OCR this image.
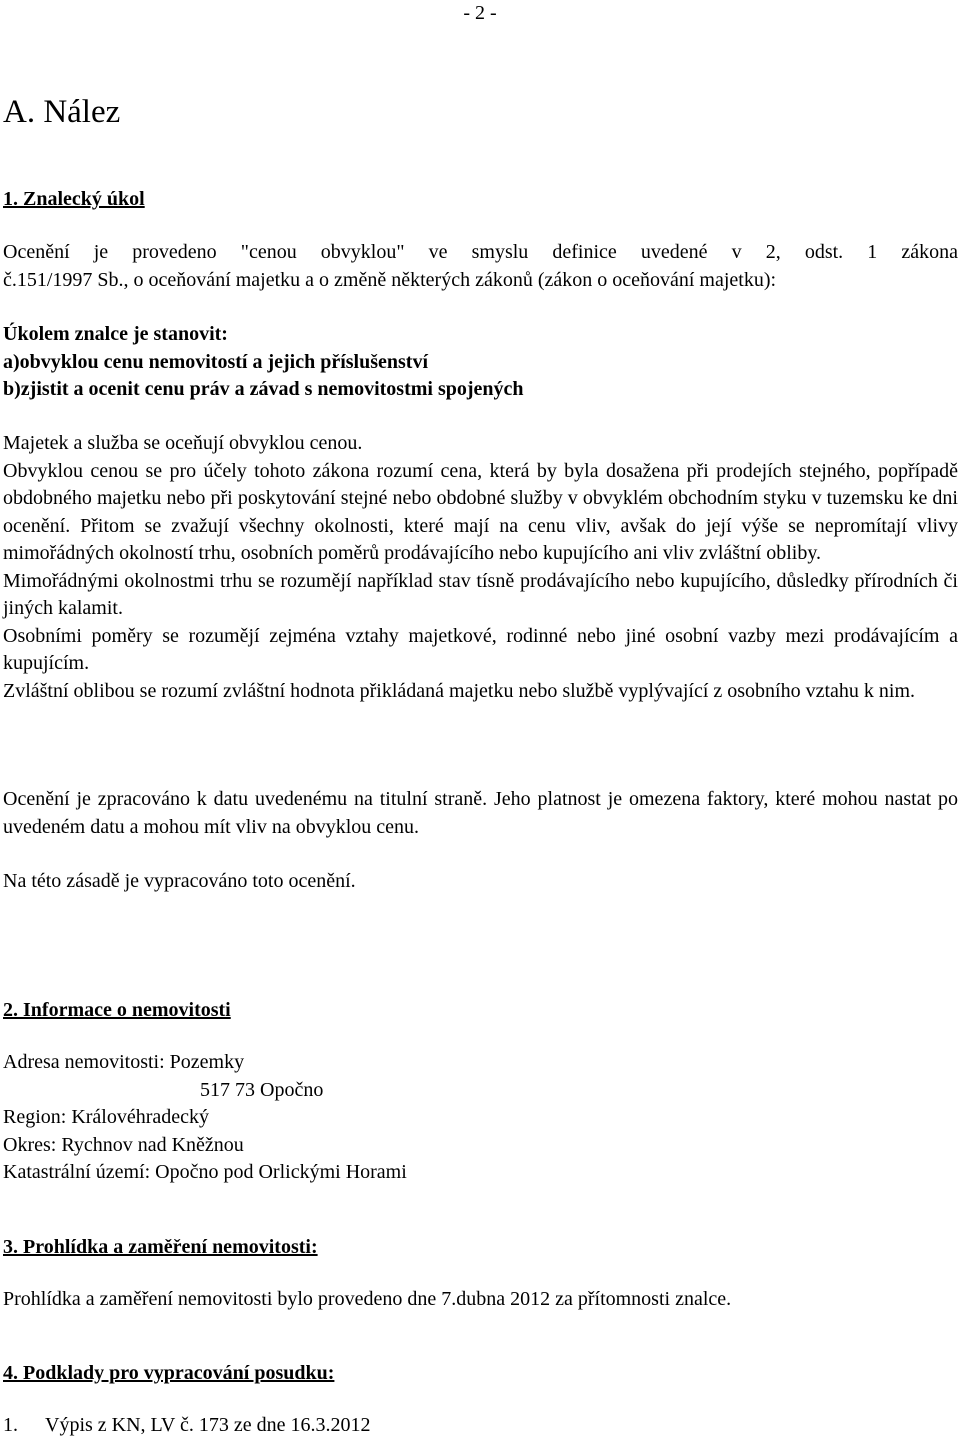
- 2 -
A. Nález
1. Znalecký úkol
Ocenění je provedeno "cenou obvyklou" ve smyslu definice uvedené v 2, odst. 1 zákona
č.151/1997 Sb., o oceňování majetku a o změně některých zákonů (zákon o oceňování majetku):
Úkolem znalce je stanovit:
a)obvyklou cenu nemovitostí a jejich příslušenství
b)zjistit a ocenit cenu práv a závad s nemovitostmi spojených
Majetek a služba se oceňují obvyklou cenou.
Obvyklou cenou se pro účely tohoto zákona rozumí cena, která by byla dosažena při prodejích stejného, popřípadě obdobného majetku nebo při poskytování stejné nebo obdobné služby v obvyklém obchodním styku v tuzemsku ke dni ocenění. Přitom se zvažují všechny okolnosti, které mají na cenu vliv, avšak do její výše se nepromítají vlivy mimořádných okolností trhu, osobních poměrů prodávajícího nebo kupujícího ani vliv zvláštní obliby.
Mimořádnými okolnostmi trhu se rozumějí například stav tísně prodávajícího nebo kupujícího, důsledky přírodních či jiných kalamit.
Osobními poměry se rozumějí zejména vztahy majetkové, rodinné nebo jiné osobní vazby mezi prodávajícím a kupujícím.
Zvláštní oblibou se rozumí zvláštní hodnota přikládaná majetku nebo službě vyplývající z osobního vztahu k nim.
Ocenění je zpracováno k datu uvedenému na titulní straně. Jeho platnost je omezena faktory, které mohou nastat po uvedeném datu a mohou mít vliv na obvyklou cenu.
Na této zásadě je vypracováno toto ocenění.
2. Informace o nemovitosti
Adresa nemovitosti: Pozemky
517 73 Opočno
Region: Královéhradecký
Okres: Rychnov nad Kněžnou
Katastrální území: Opočno pod Orlickými Horami
3. Prohlídka a zaměření nemovitosti:
Prohlídka a zaměření nemovitosti bylo provedeno dne 7.dubna 2012 za přítomnosti znalce.
4. Podklady pro vypracování posudku:
1. Výpis z KN, LV č. 173 ze dne 16.3.2012
